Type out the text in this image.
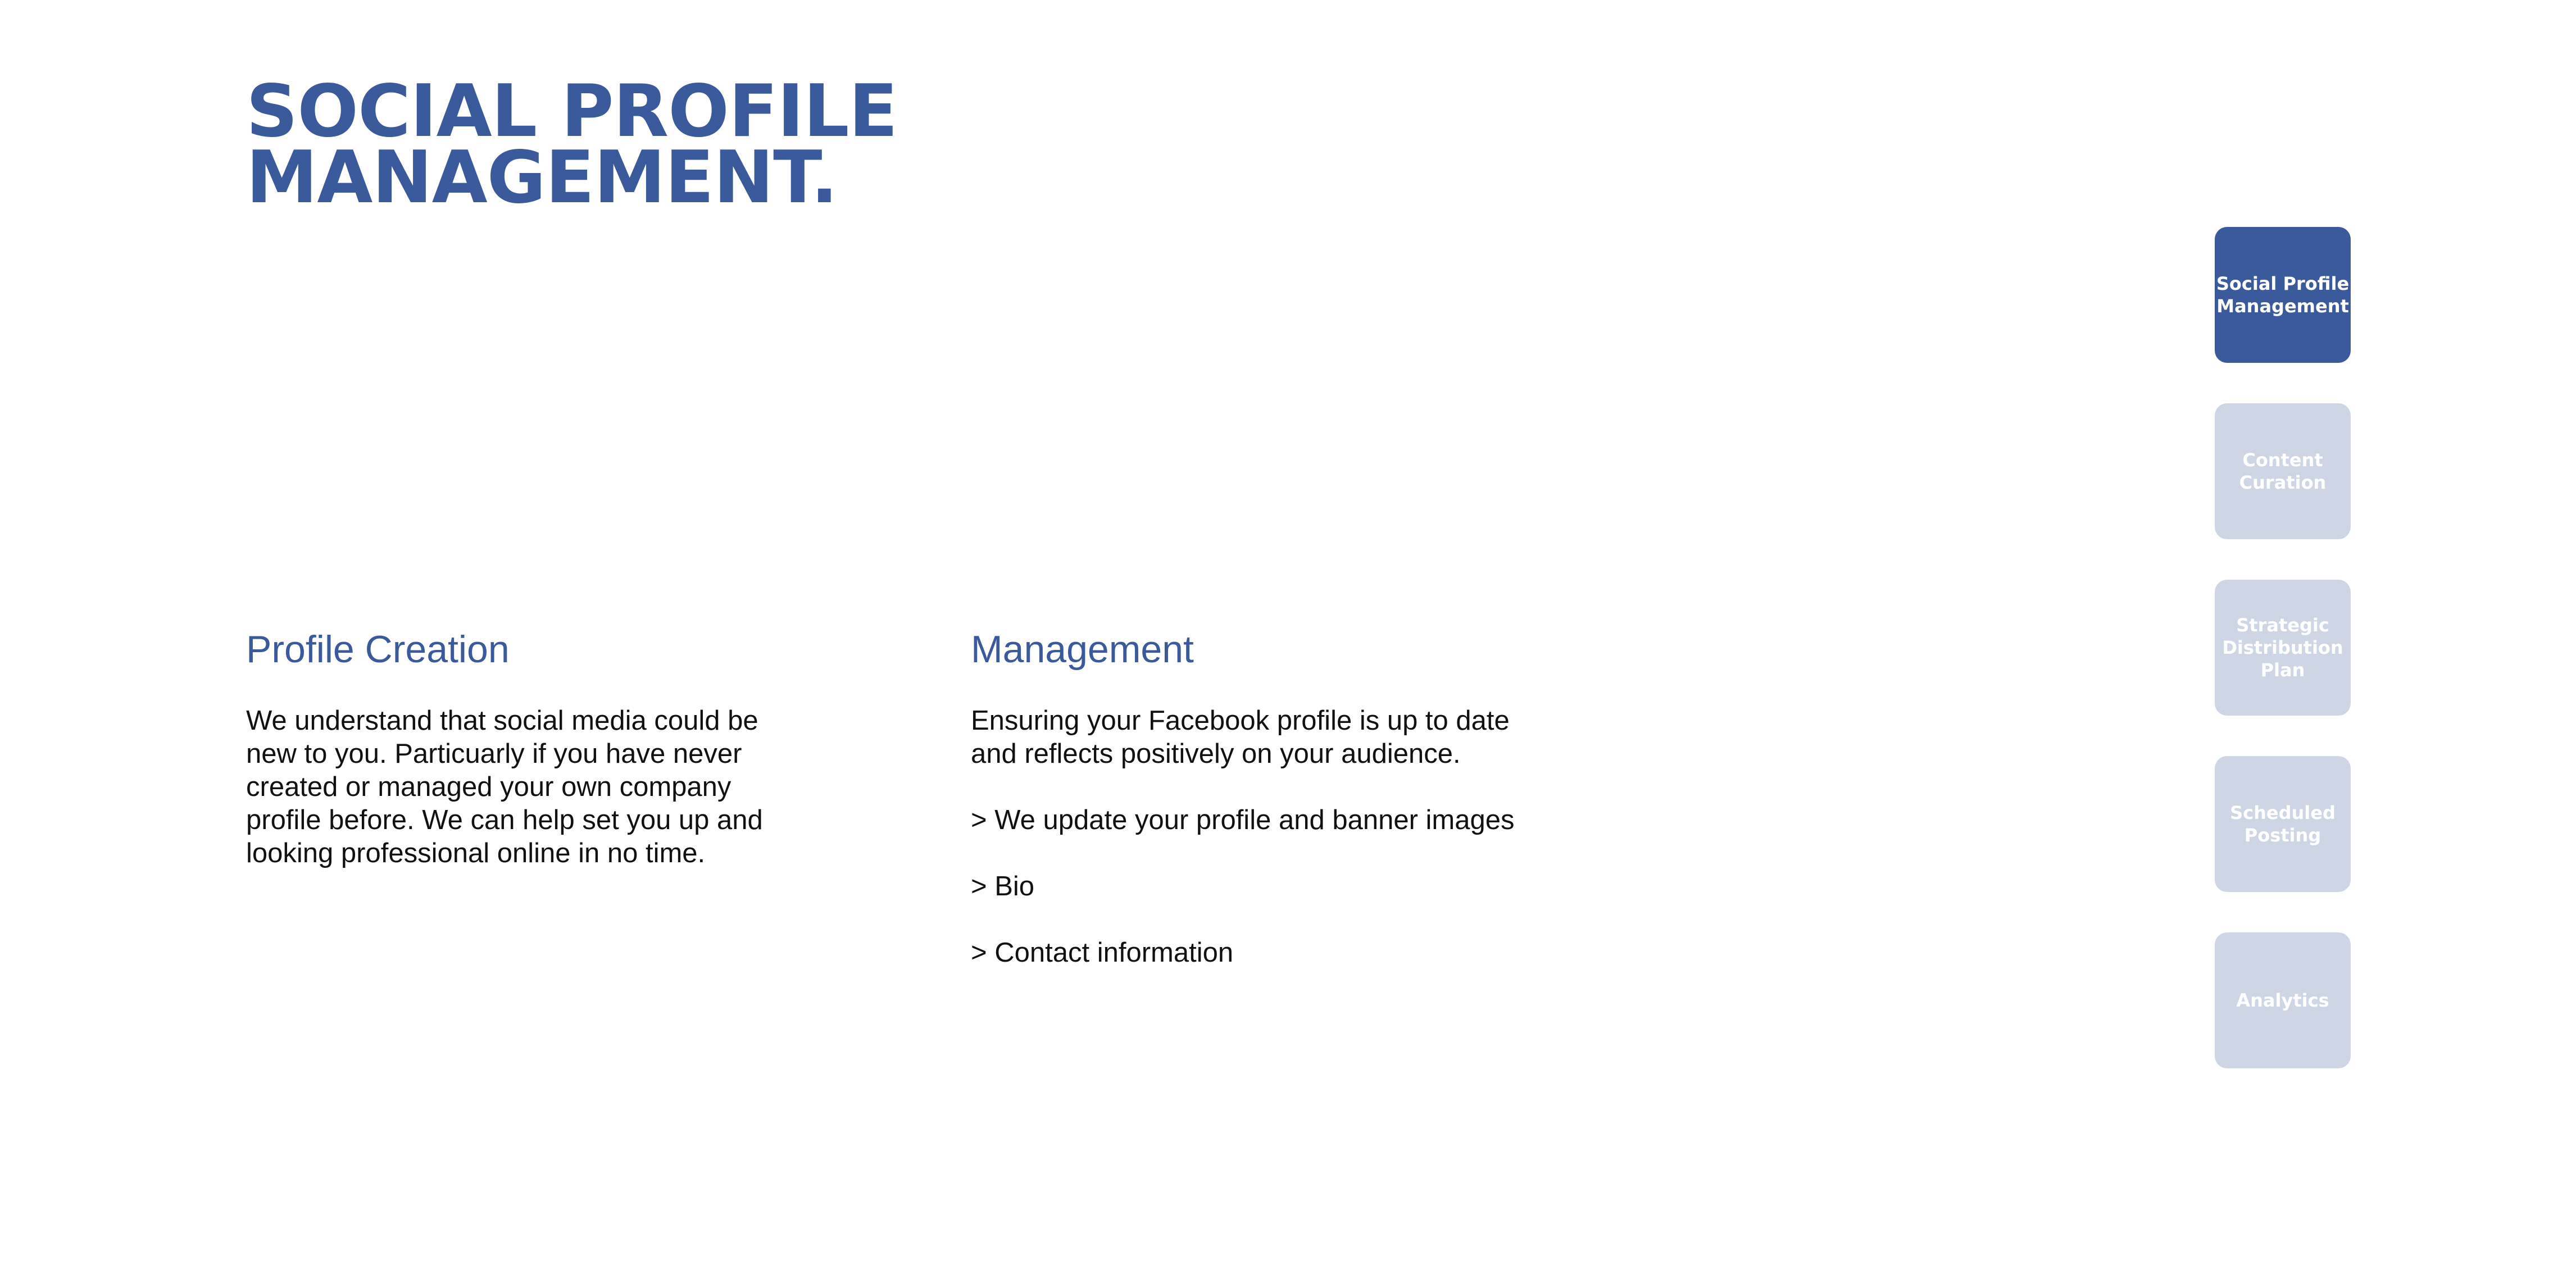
SOCIAL PROFILE
MANAGEMENT.
Profile Creation
We understand that social media could be
new to you. Particuarly if you have never
created or managed your own company
profile before. We can help set you up and
looking professional online in no time.
Management
Ensuring your Facebook profile is up to date
and reflects positively on your audience.
> We update your profile and banner images
> Bio
> Contact information
Social Profile
Management
Content
Curation
Strategic
Distribution
Plan
Scheduled
Posting
Analytics
